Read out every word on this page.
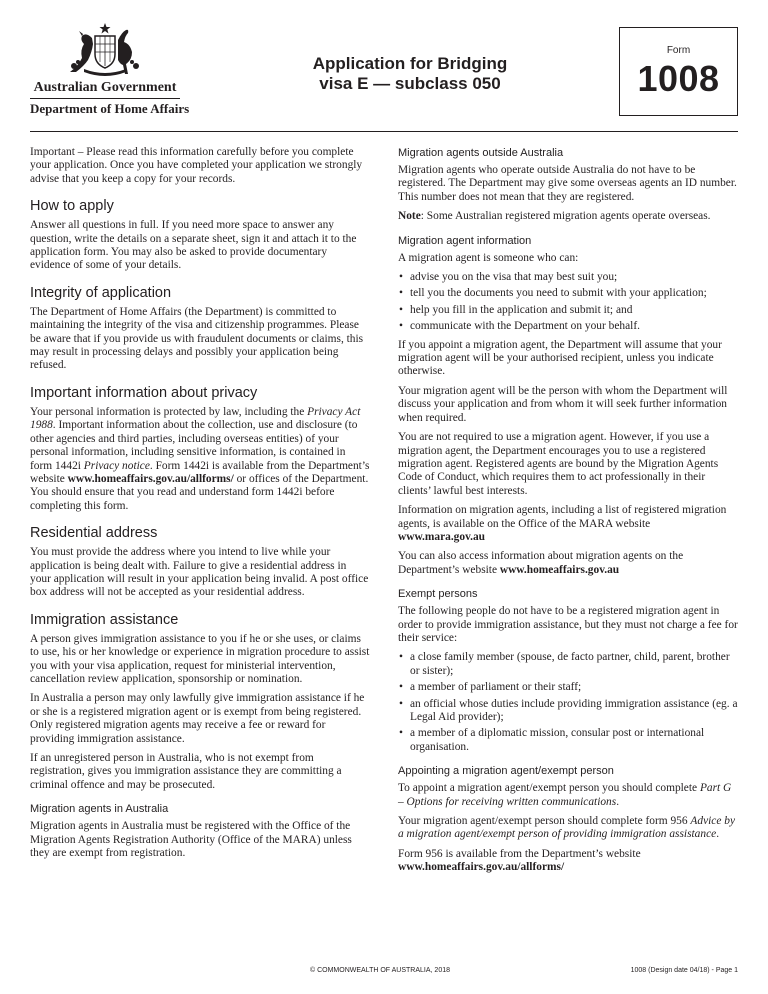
Australian Government
Department of Home Affairs
Application for Bridging
visa E — subclass 050
Form
1008

Important – Please read this information carefully before you complete your application. Once you have completed your application we strongly advise that you keep a copy for your records.

How to apply

Answer all questions in full. If you need more space to answer any question, write the details on a separate sheet, sign it and attach it to the application form. You may also be asked to provide documentary evidence of some of your details.

Integrity of application

The Department of Home Affairs (the Department) is committed to maintaining the integrity of the visa and citizenship programmes. Please be aware that if you provide us with fraudulent documents or claims, this may result in processing delays and possibly your application being refused.

Important information about privacy

Your personal information is protected by law, including the Privacy Act 1988. Important information about the collection, use and disclosure (to other agencies and third parties, including overseas entities) of your personal information, including sensitive information, is contained in form 1442i Privacy notice. Form 1442i is available from the Department’s website www.homeaffairs.gov.au/allforms/ or offices of the Department. You should ensure that you read and understand form 1442i before completing this form.

Residential address

You must provide the address where you intend to live while your application is being dealt with. Failure to give a residential address in your application will result in your application being invalid. A post office box address will not be accepted as your residential address.

Immigration assistance

A person gives immigration assistance to you if he or she uses, or claims to use, his or her knowledge or experience in migration procedure to assist you with your visa application, request for ministerial intervention, cancellation review application, sponsorship or nomination.

In Australia a person may only lawfully give immigration assistance if he or she is a registered migration agent or is exempt from being registered. Only registered migration agents may receive a fee or reward for providing immigration assistance.

If an unregistered person in Australia, who is not exempt from registration, gives you immigration assistance they are committing a criminal offence and may be prosecuted.

Migration agents in Australia

Migration agents in Australia must be registered with the Office of the Migration Agents Registration Authority (Office of the MARA) unless they are exempt from registration.

Migration agents outside Australia

Migration agents who operate outside Australia do not have to be registered. The Department may give some overseas agents an ID number. This number does not mean that they are registered.

Note: Some Australian registered migration agents operate overseas.

Migration agent information

A migration agent is someone who can:

• advise you on the visa that may best suit you;
• tell you the documents you need to submit with your application;
• help you fill in the application and submit it; and
• communicate with the Department on your behalf.

If you appoint a migration agent, the Department will assume that your migration agent will be your authorised recipient, unless you indicate otherwise.

Your migration agent will be the person with whom the Department will discuss your application and from whom it will seek further information when required.

You are not required to use a migration agent. However, if you use a migration agent, the Department encourages you to use a registered migration agent. Registered agents are bound by the Migration Agents Code of Conduct, which requires them to act professionally in their clients’ lawful best interests.

Information on migration agents, including a list of registered migration agents, is available on the Office of the MARA website
www.mara.gov.au

You can also access information about migration agents on the Department’s website www.homeaffairs.gov.au

Exempt persons

The following people do not have to be a registered migration agent in order to provide immigration assistance, but they must not charge a fee for their service:

• a close family member (spouse, de facto partner, child, parent, brother or sister);
• a member of parliament or their staff;
• an official whose duties include providing immigration assistance (eg. a Legal Aid provider);
• a member of a diplomatic mission, consular post or international organisation.
Appointing a migration agent/exempt person

To appoint a migration agent/exempt person you should complete Part G – Options for receiving written communications.

Your migration agent/exempt person should complete form 956 Advice by a migration agent/exempt person of providing immigration assistance.

Form 956 is available from the Department’s website
www.homeaffairs.gov.au/allforms/

© COMMONWEALTH OF AUSTRALIA, 2018	1008 (Design date 04/18) - Page 1
